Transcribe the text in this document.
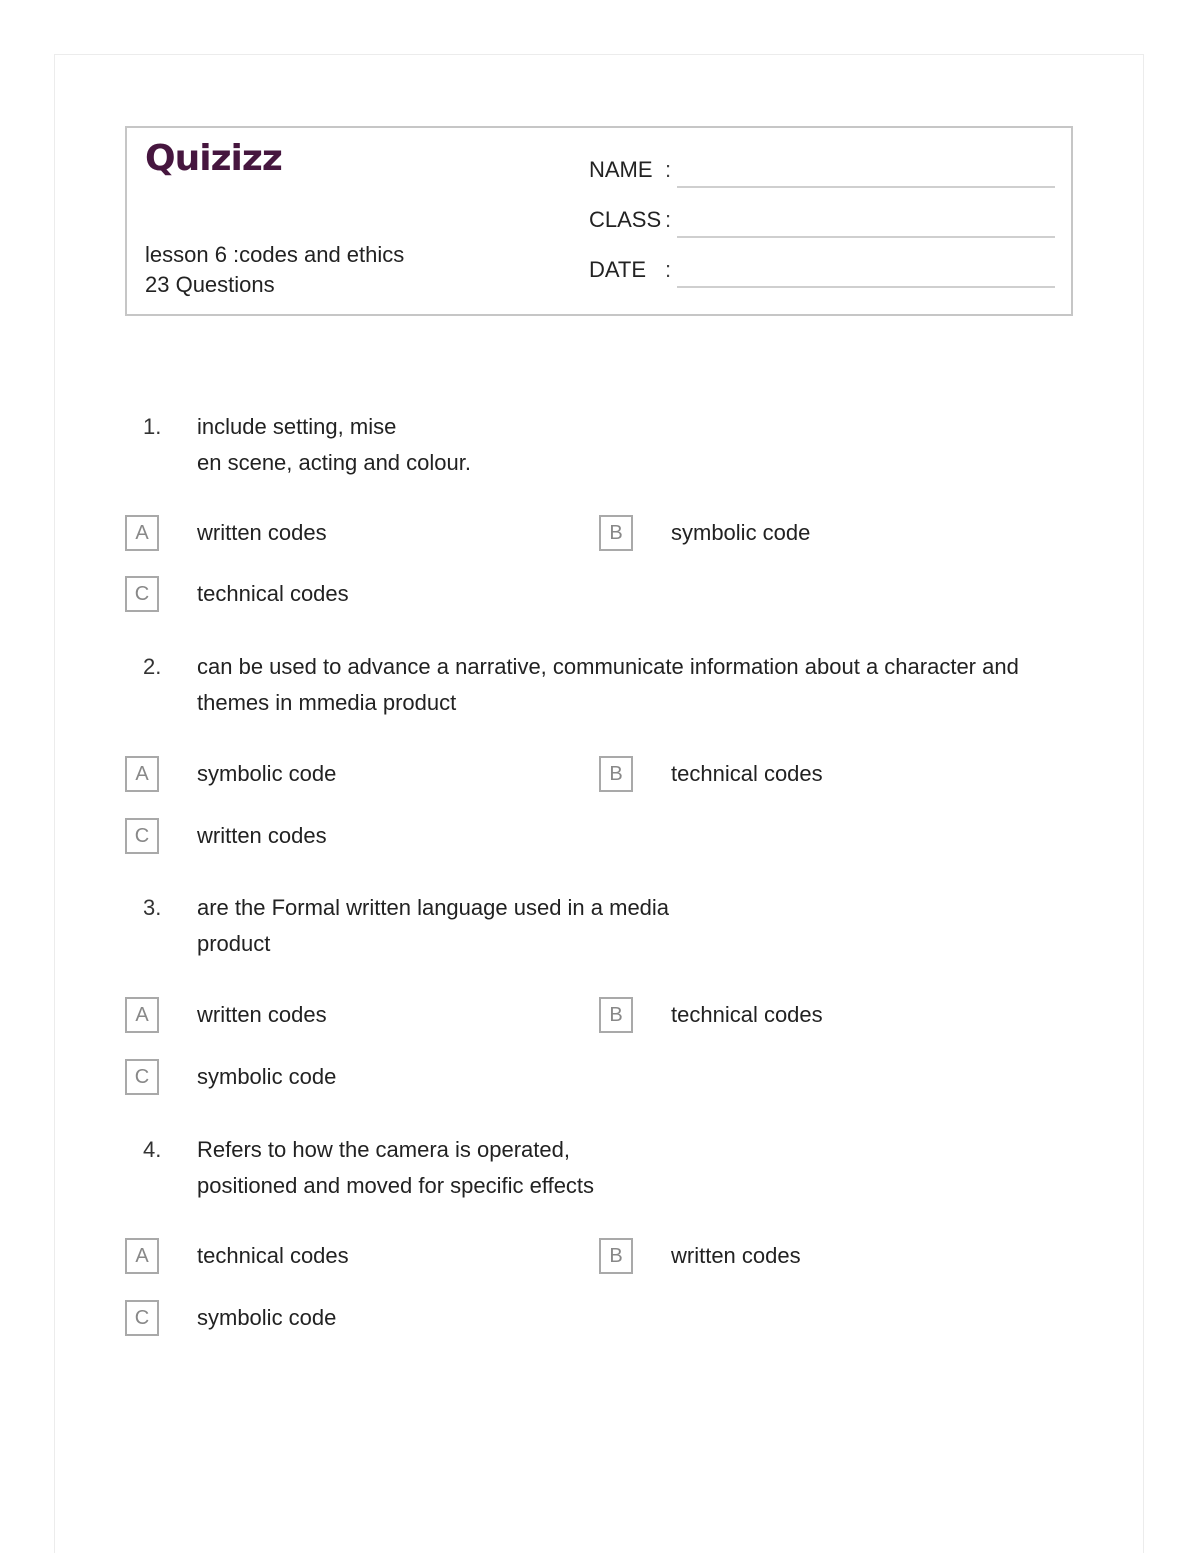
Quizizz
lesson 6 :codes and ethics
23 Questions
NAME :
CLASS :
DATE :
1. include setting, mise
en scene, acting and colour.
A	written codes	B	symbolic code
C	technical codes
2. can be used to advance a narrative, communicate information about a character and
themes in mmedia product
A	symbolic code	B	technical codes
C	written codes
3. are the Formal written language used in a media
product
A	written codes	B	technical codes
C	symbolic code
4. Refers to how the camera is operated,
positioned and moved for specific effects
A	technical codes	B	written codes
C	symbolic code
